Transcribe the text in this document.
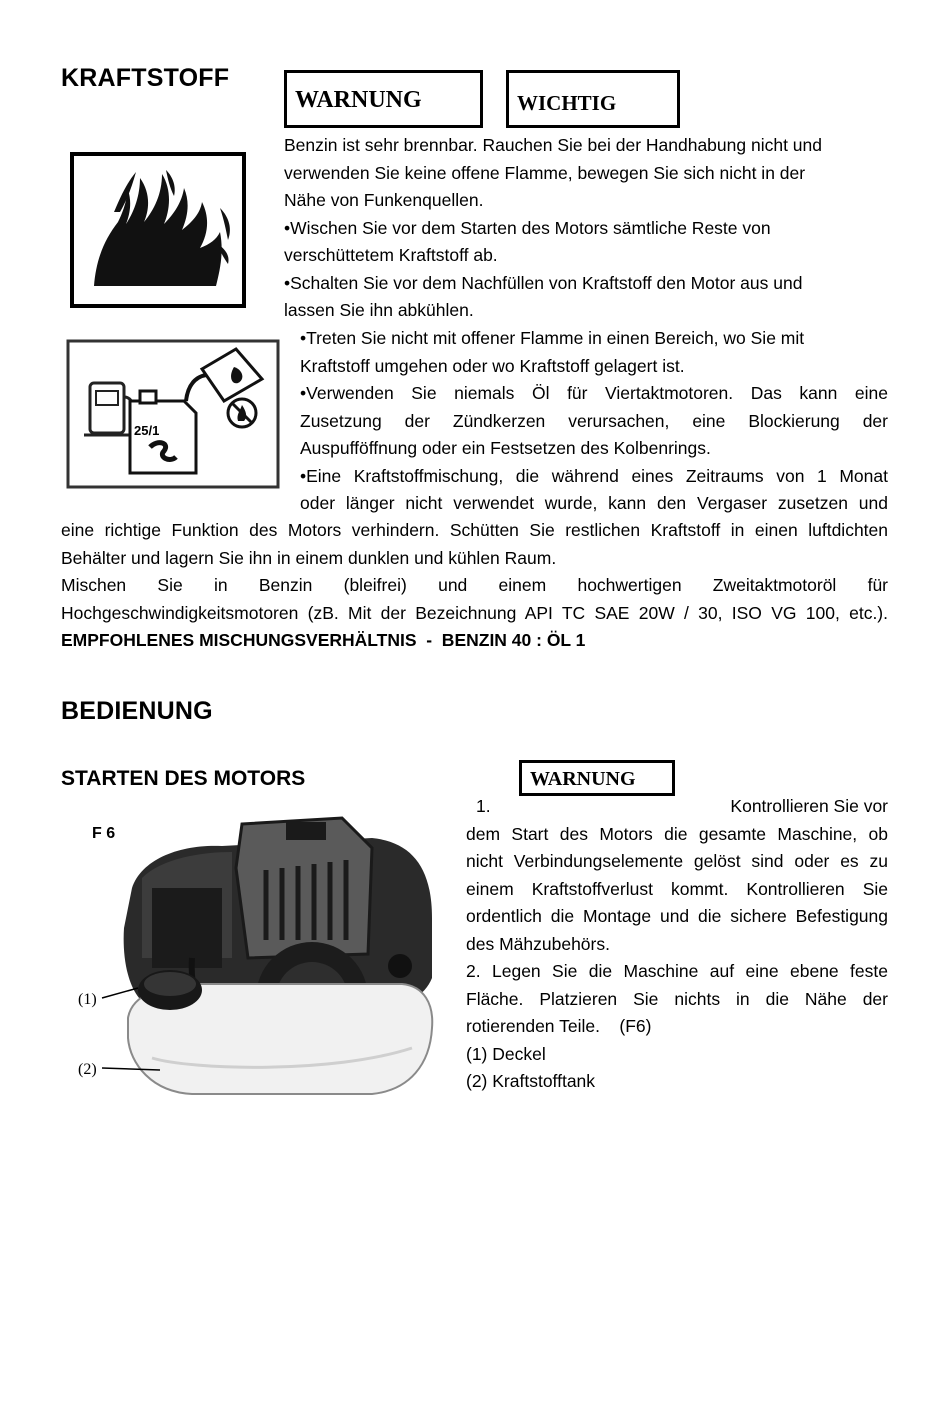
KRAFTSTOFF
WARNUNG	WICHTIG
25/1
Benzin ist sehr brennbar. Rauchen Sie bei der Handhabung nicht und
verwenden Sie keine offene Flamme, bewegen Sie sich nicht in der
Nähe von Funkenquellen.
•Wischen Sie vor dem Starten des Motors sämtliche Reste von
verschüttetem Kraftstoff ab.
•Schalten Sie vor dem Nachfüllen von Kraftstoff den Motor aus und
lassen Sie ihn abkühlen.
•Treten Sie nicht mit offener Flamme in einen Bereich, wo Sie mit
Kraftstoff umgehen oder wo Kraftstoff gelagert ist.
•Verwenden Sie niemals Öl für Viertaktmotoren. Das kann eine
Zusetzung der Zündkerzen verursachen, eine Blockierung der
Auspufföffnung oder ein Festsetzen des Kolbenrings.
•Eine Kraftstoffmischung, die während eines Zeitraums von 1 Monat
oder länger nicht verwendet wurde, kann den Vergaser zusetzen und
eine richtige Funktion des Motors verhindern. Schütten Sie restlichen Kraftstoff in einen luftdichten
Behälter und lagern Sie ihn in einem dunklen und kühlen Raum.
Mischen Sie in Benzin (bleifrei) und einem hochwertigen Zweitaktmotoröl für
Hochgeschwindigkeitsmotoren (zB. Mit der Bezeichnung API TC SAE 20W / 30, ISO VG 100, etc.).
EMPFOHLENES MISCHUNGSVERHÄLTNIS  -  BENZIN 40 : ÖL 1
BEDIENUNG
STARTEN DES MOTORS	WARNUNG
F 6
(1)
(2)
1.	Kontrollieren Sie vor
dem Start des Motors die gesamte Maschine, ob
nicht Verbindungselemente gelöst sind oder es zu
einem Kraftstoffverlust kommt. Kontrollieren Sie
ordentlich die Montage und die sichere Befestigung
des Mähzubehörs.
2. Legen Sie die Maschine auf eine ebene feste
Fläche. Platzieren Sie nichts in die Nähe der
rotierenden Teile.    (F6)
(1) Deckel
(2) Kraftstofftank
